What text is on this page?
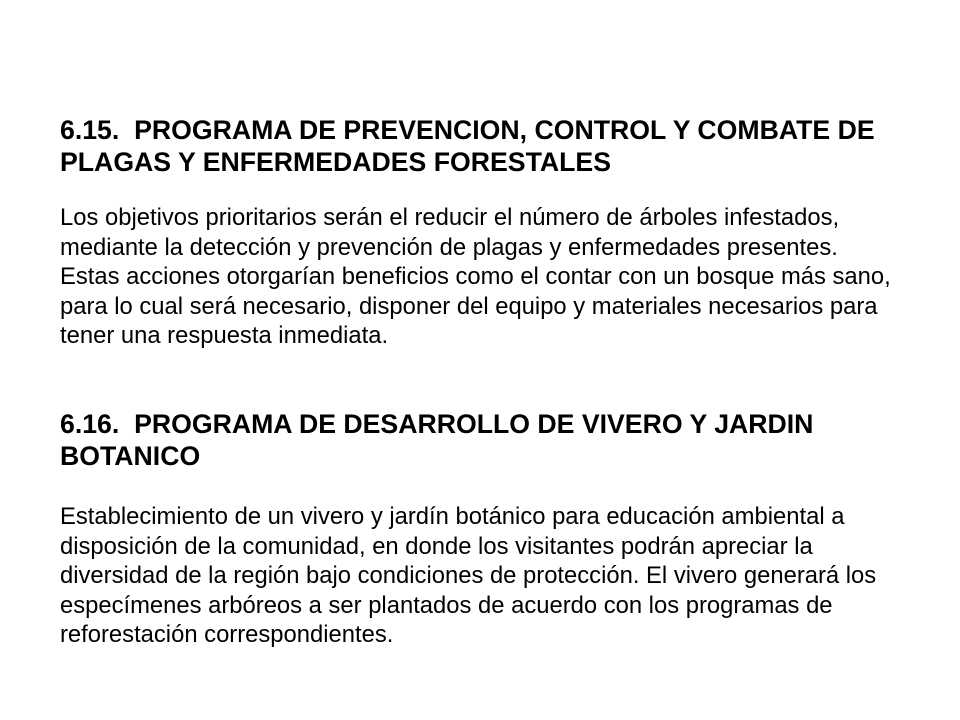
6.15.  PROGRAMA DE PREVENCION, CONTROL Y COMBATE DE
PLAGAS Y ENFERMEDADES FORESTALES
Los objetivos prioritarios serán el reducir el número de árboles infestados,
mediante la detección y prevención de plagas y enfermedades presentes.
Estas acciones otorgarían beneficios como el contar con un bosque más sano,
para lo cual será necesario, disponer del equipo y materiales necesarios para
tener una respuesta inmediata.
6.16.  PROGRAMA DE DESARROLLO DE VIVERO Y JARDIN
BOTANICO
Establecimiento de un vivero y jardín botánico para educación ambiental a
disposición de la comunidad, en donde los visitantes podrán apreciar la
diversidad de la región bajo condiciones de protección. El vivero generará los
especímenes arbóreos a ser plantados de acuerdo con los programas de
reforestación correspondientes.
